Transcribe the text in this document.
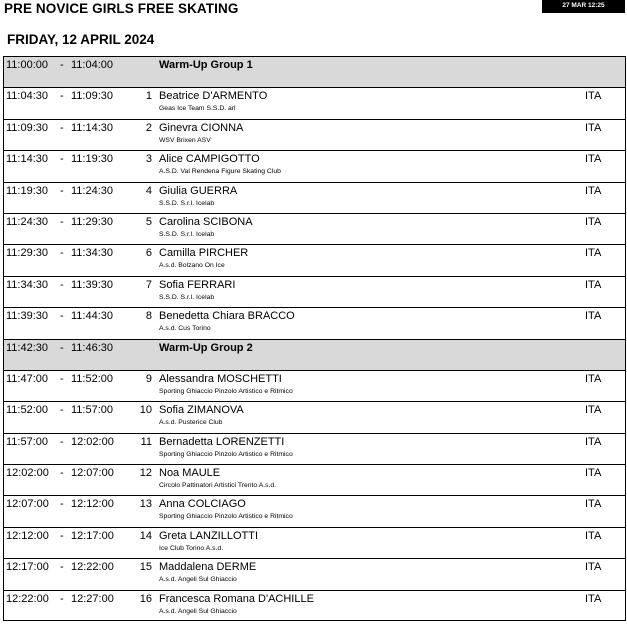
PRE NOVICE GIRLS FREE SKATING	27 MAR 12:25
FRIDAY, 12 APRIL 2024
11:00:00 - 11:04:00	Warm-Up Group 1
11:04:30 - 11:09:30	1 Beatrice D'ARMENTO
Geas Ice Team S.S.D. arl
ITA
11:09:30 - 11:14:30	2 Ginevra CIONNA
WSV Brixen ASV
ITA
11:14:30 - 11:19:30	3 Alice CAMPIGOTTO
A.S.D. Val Rendena Figure Skating Club
ITA
11:19:30 - 11:24:30	4 Giulia GUERRA
S.S.D. S.r.l. Icelab
ITA
11:24:30 - 11:29:30	5 Carolina SCIBONA
S.S.D. S.r.l. Icelab
ITA
11:29:30 - 11:34:30	6 Camilla PIRCHER
A.s.d. Bolzano On Ice
ITA
11:34:30 - 11:39:30	7 Sofia FERRARI
S.S.D. S.r.l. Icelab
ITA
11:39:30 - 11:44:30	8 Benedetta Chiara BRACCO
A.s.d. Cus Torino
ITA
11:42:30 - 11:46:30	Warm-Up Group 2
11:47:00 - 11:52:00	9 Alessandra MOSCHETTI
Sporting Ghiaccio Pinzolo Artistico e Ritmico
ITA
11:52:00 - 11:57:00	10 Sofia ZIMANOVA
A.s.d. Pusterice Club
ITA
11:57:00 - 12:02:00	11 Bernadetta LORENZETTI
Sporting Ghiaccio Pinzolo Artistico e Ritmico
ITA
12:02:00 - 12:07:00	12 Noa MAULE
Circolo Pattinatori Artistici Trento A.s.d.
ITA
12:07:00 - 12:12:00	13 Anna COLCIAGO
Sporting Ghiaccio Pinzolo Artistico e Ritmico
ITA
12:12:00 - 12:17:00	14 Greta LANZILLOTTI
Ice Club Torino A.s.d.
ITA
12:17:00 - 12:22:00	15 Maddalena DERME
A.s.d. Angeli Sul Ghiaccio
ITA
12:22:00 - 12:27:00	16 Francesca Romana D'ACHILLE
A.s.d. Angeli Sul Ghiaccio
ITA
